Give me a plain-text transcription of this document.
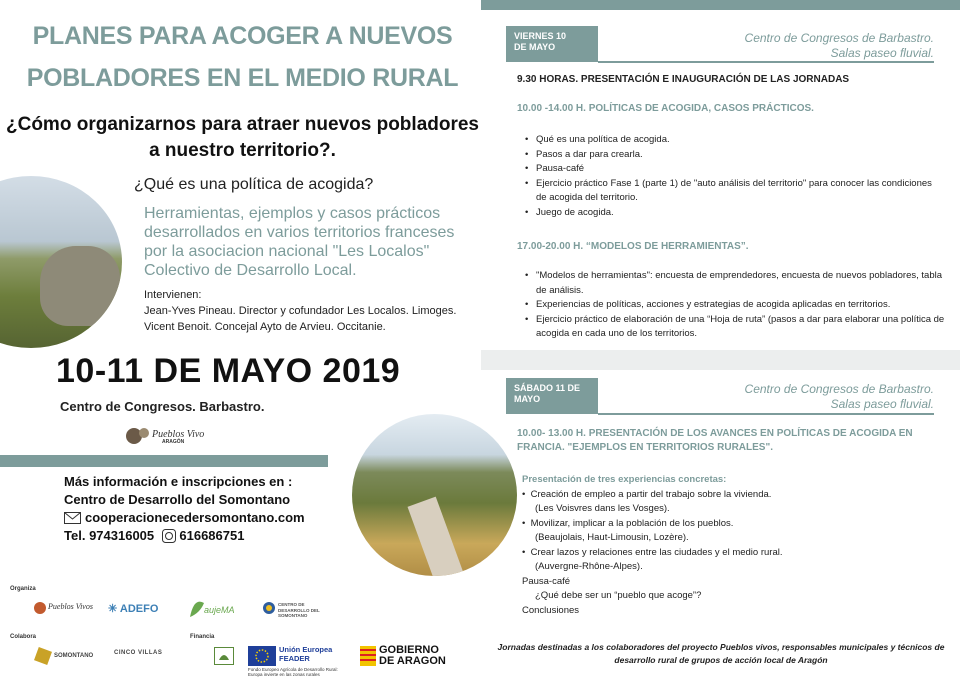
PLANES PARA ACOGER A NUEVOS
POBLADORES EN EL MEDIO RURAL
¿Cómo organizarnos para atraer nuevos pobladores
a nuestro territorio?.
¿Qué es una política de acogida?
Herramientas, ejemplos y casos prácticos
desarrollados en varios territorios franceses
por la asociacion nacional "Les Localos"
Colectivo de Desarrollo Local.
Intervienen:
Jean-Yves Pineau. Director y cofundador Les Localos. Limoges.
Vicent Benoit. Concejal Ayto de Arvieu. Occitanie.
10-11 DE MAYO 2019
Centro de Congresos. Barbastro.
Pueblos Vivos
ARAGÓN
Más información e inscripciones en :
Centro de Desarrollo del Somontano
cooperacionecedersomontano.com
Tel. 974316005 616686751
Organiza
Pueblos Vivos ✳ ADEFO	aujeMA
CENTRO DE DESARROLLO DEL SOMONTANO
Colabora
SOMONTANO	CINCO VILLAS
Financia
Unión Europea
FEADER
Fondo Europeo Agrícola de Desarrollo Rural:
Europa invierte en las zonas rurales
GOBIERNO
DE ARAGON
VIERNES 10
DE MAYO
Centro de Congresos de Barbastro.
Salas paseo fluvial.
9.30 HORAS. PRESENTACIÓN E INAUGURACIÓN DE LAS JORNADAS
10.00 -14.00 H. POLÍTICAS DE ACOGIDA, CASOS PRÁCTICOS.
• Qué es una política de acogida.
• Pasos a dar para crearla.
• Pausa-café
• Ejercicio práctico Fase 1 (parte 1) de "auto análisis del territorio" para conocer las condiciones de acogida del territorio.
• Juego de acogida.
17.00-20.00 H. “MODELOS DE HERRAMIENTAS”.
• "Modelos de herramientas": encuesta de emprendedores, encuesta de nuevos pobladores, tabla de análisis.
• Experiencias de políticas, acciones y estrategias de acogida aplicadas en territorios.
• Ejercicio práctico de elaboración de una “Hoja de ruta” (pasos a dar para elaborar una política de acogida en cada uno de los territorios.
SÁBADO 11 DE
MAYO
Centro de Congresos de Barbastro.
Salas paseo fluvial.
10.00- 13.00 H. PRESENTACIÓN DE LOS AVANCES EN POLÍTICAS DE ACOGIDA EN
FRANCIA. "EJEMPLOS EN TERRITORIOS RURALES".
Presentación de tres experiencias concretas:
•  Creación de empleo a partir del trabajo sobre la vivienda.
(Les Voisvres dans les Vosges).
•  Movilizar, implicar a la población de los pueblos.
(Beaujolais, Haut-Limousin, Lozère).
•  Crear lazos y relaciones entre las ciudades y el medio rural.
(Auvergne-Rhône-Alpes).
Pausa-café
¿Qué debe ser un “pueblo que acoge”?
Conclusiones
Jornadas destinadas a los colaboradores del proyecto Pueblos vivos, responsables municipales y técnicos de
desarrollo rural de grupos de acción local de Aragón
